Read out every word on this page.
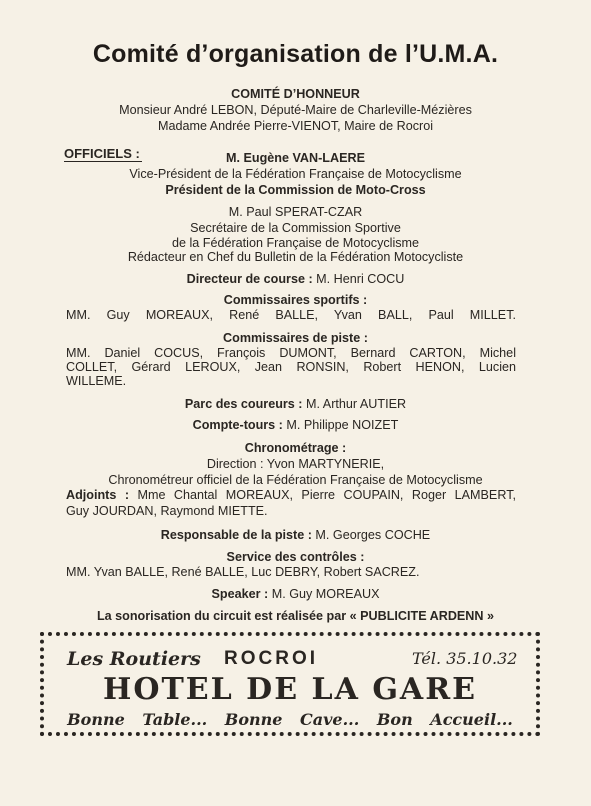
Comité d’organisation de l’U.M.A.
COMITÉ D’HONNEUR
Monsieur André LEBON, Député-Maire de Charleville-Mézières
Madame Andrée Pierre-VIENOT, Maire de Rocroi
OFFICIELS :	M. Eugène VAN-LAERE
Vice-Président de la Fédération Française de Motocyclisme
Président de la Commission de Moto-Cross
M. Paul SPERAT-CZAR
Secrétaire de la Commission Sportive
de la Fédération Française de Motocyclisme
Rédacteur en Chef du Bulletin de la Fédération Motocycliste
Directeur de course : M. Henri COCU
Commissaires sportifs :
MM. Guy MOREAUX, René BALLE, Yvan BALL, Paul MILLET.
Commissaires de piste :
MM. Daniel COCUS, François DUMONT, Bernard CARTON, Michel
COLLET, Gérard LEROUX, Jean RONSIN, Robert HENON, Lucien
WILLEME.
Parc des coureurs : M. Arthur AUTIER
Compte-tours : M. Philippe NOIZET
Chronométrage :
Direction : Yvon MARTYNERIE,
Chronométreur officiel de la Fédération Française de Motocyclisme
Adjoints : Mme Chantal MOREAUX, Pierre COUPAIN, Roger LAMBERT,
Guy JOURDAN, Raymond MIETTE.
Responsable de la piste : M. Georges COCHE
Service des contrôles :
MM. Yvan BALLE, René BALLE, Luc DEBRY, Robert SACREZ.
Speaker : M. Guy MOREAUX
La sonorisation du circuit est réalisée par « PUBLICITE ARDENN »
Les Routiers ROCROI	Tél. 35.10.32
HOTEL DE LA GARE
Bonne Table... Bonne Cave... Bon Accueil...
